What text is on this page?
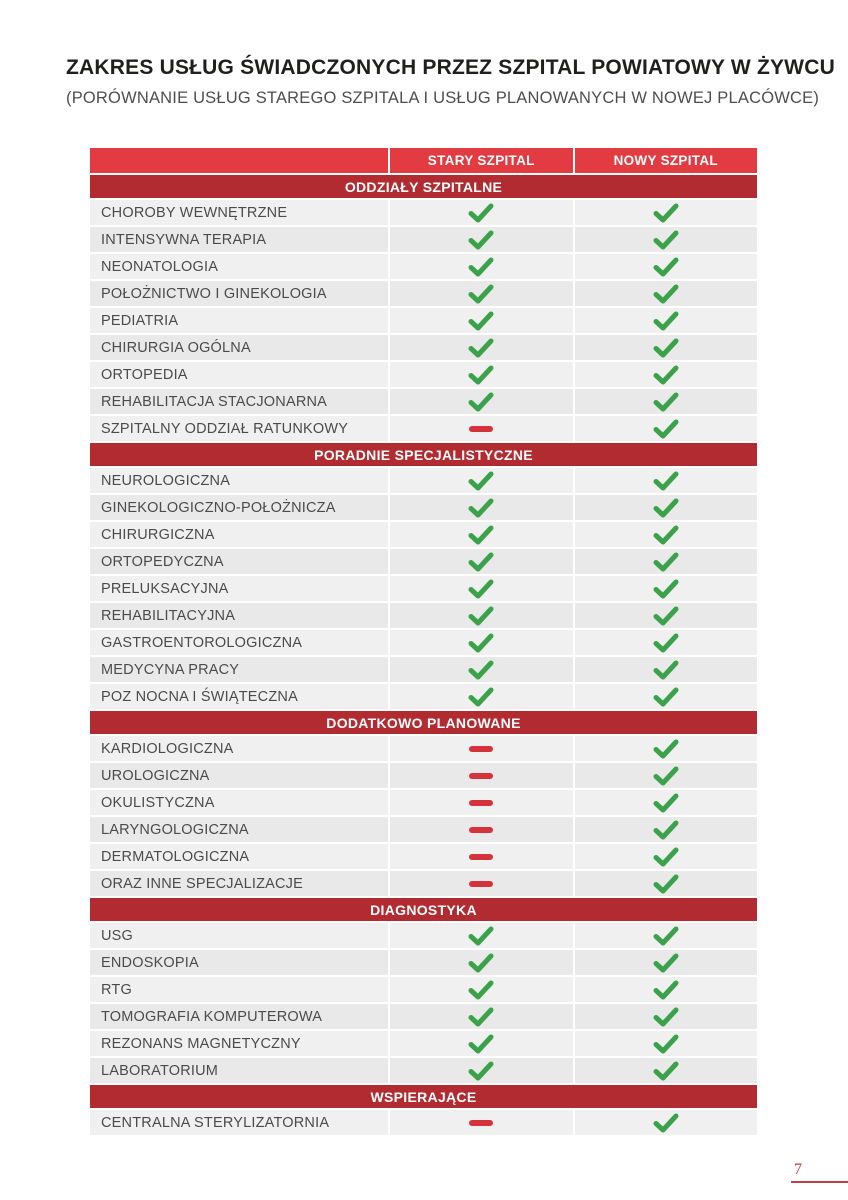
ZAKRES USŁUG ŚWIADCZONYCH PRZEZ SZPITAL POWIATOWY W ŻYWCU
(PORÓWNANIE USŁUG STAREGO SZPITALA I USŁUG PLANOWANYCH W NOWEJ PLACÓWCE)
STARY SZPITAL	NOWY SZPITAL
ODDZIAŁY SZPITALNE
CHOROBY WEWNĘTRZNE
INTENSYWNA TERAPIA
NEONATOLOGIA
POŁOŻNICTWO I GINEKOLOGIA
PEDIATRIA
CHIRURGIA OGÓLNA
ORTOPEDIA
REHABILITACJA STACJONARNA
SZPITALNY ODDZIAŁ RATUNKOWY
PORADNIE SPECJALISTYCZNE
NEUROLOGICZNA
GINEKOLOGICZNO-POŁOŻNICZA
CHIRURGICZNA
ORTOPEDYCZNA
PRELUKSACYJNA
REHABILITACYJNA
GASTROENTOROLOGICZNA
MEDYCYNA PRACY
POZ NOCNA I ŚWIĄTECZNA
DODATKOWO PLANOWANE
KARDIOLOGICZNA
UROLOGICZNA
OKULISTYCZNA
LARYNGOLOGICZNA
DERMATOLOGICZNA
ORAZ INNE SPECJALIZACJE
DIAGNOSTYKA
USG
ENDOSKOPIA
RTG
TOMOGRAFIA KOMPUTEROWA
REZONANS MAGNETYCZNY
LABORATORIUM
WSPIERAJĄCE
CENTRALNA STERYLIZATORNIA
7
